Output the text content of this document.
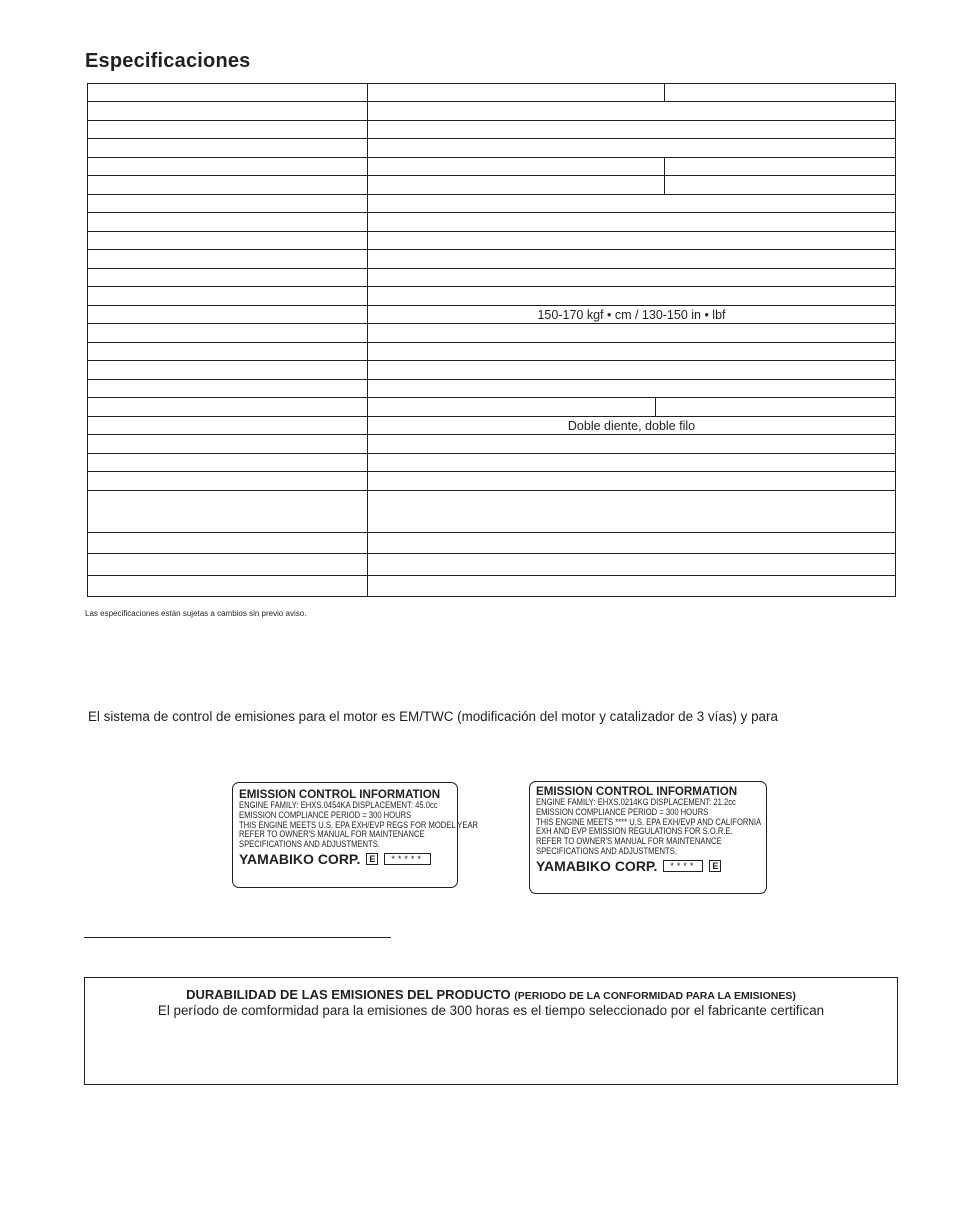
Especificaciones

	150-170 kgf • cm / 130-150 in • lbf		

	Doble diente, doble filo		

Las especificaciones están sujetas a cambios sin previo aviso.
El sistema de control de emisiones para el motor es EM/TWC (modificación del motor y catalizador de 3 vías) y para
EMISSION CONTROL INFORMATION
ENGINE FAMILY: EHXS.0454KA DISPLACEMENT: 45.0cc
EMISSION COMPLIANCE PERIOD = 300 HOURS
THIS ENGINE MEETS U.S. EPA EXH/EVP REGS FOR MODEL YEAR
REFER TO OWNER'S MANUAL FOR MAINTENANCE
SPECIFICATIONS AND ADJUSTMENTS.
YAMABIKO CORP.	E	*****
EMISSION CONTROL INFORMATION
ENGINE FAMILY: EHXS.0214KG DISPLACEMENT: 21.2cc
EMISSION COMPLIANCE PERIOD = 300 HOURS
THIS ENGINE MEETS **** U.S. EPA EXH/EVP AND CALIFORNIA
EXH AND EVP EMISSION REGULATIONS FOR S.O.R.E.
REFER TO OWNER'S MANUAL FOR MAINTENANCE
SPECIFICATIONS AND ADJUSTMENTS.
YAMABIKO CORP.	****	E
DURABILIDAD DE LAS EMISIONES DEL PRODUCTO (PERIODO DE LA CONFORMIDAD PARA LA EMISIONES)
El período de comformidad para la emisiones de 300 horas es el tiempo seleccionado por el fabricante certifican
